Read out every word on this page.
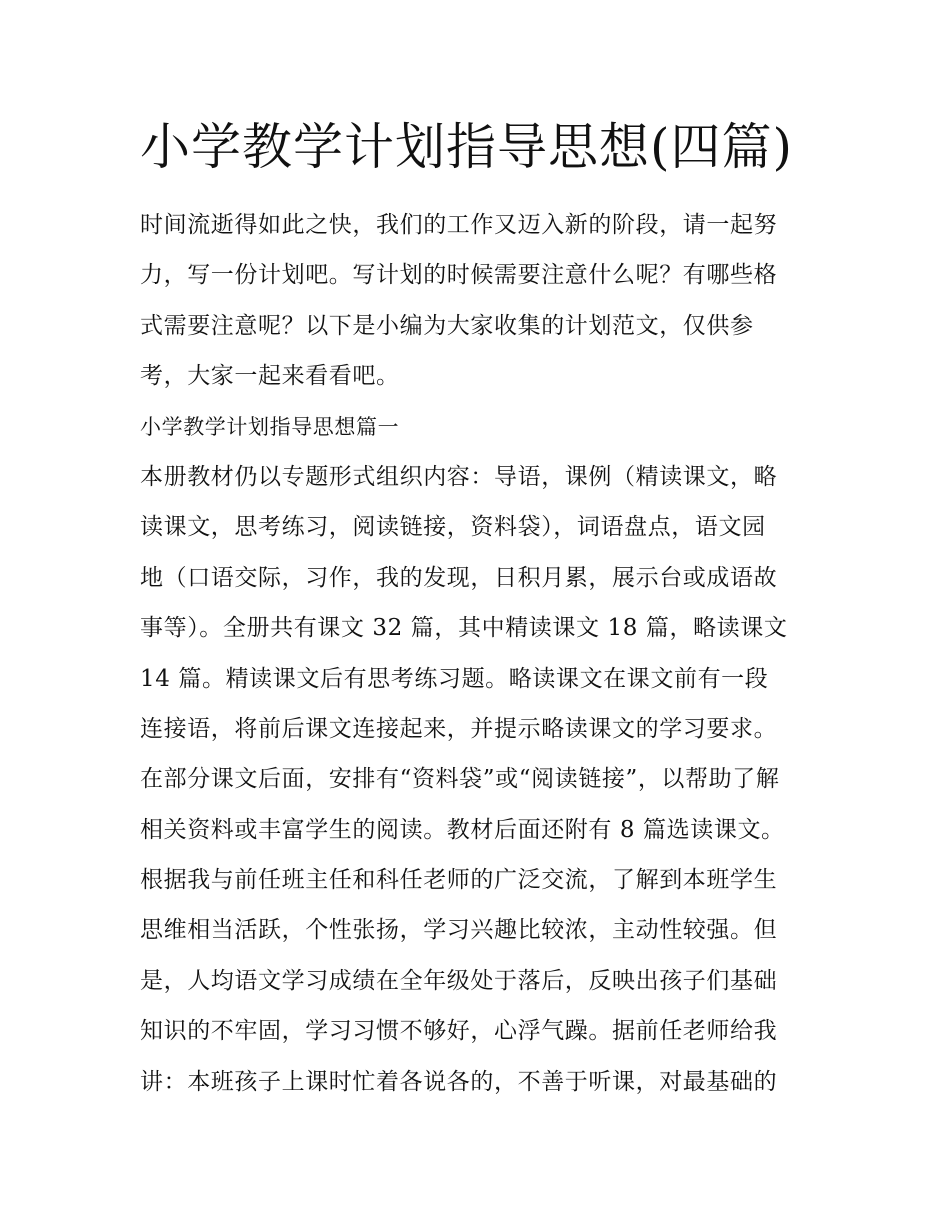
小学教学计划指导思想(四篇)
时间流逝得如此之快，我们的工作又迈入新的阶段，请一起努
力，写一份计划吧。写计划的时候需要注意什么呢？有哪些格
式需要注意呢？以下是小编为大家收集的计划范文，仅供参
考，大家一起来看看吧。
小学教学计划指导思想篇一
本册教材仍以专题形式组织内容：导语，课例（精读课文，略
读课文，思考练习，阅读链接，资料袋），词语盘点，语文园
地（口语交际，习作，我的发现，日积月累，展示台或成语故
事等）。全册共有课文 32 篇，其中精读课文 18 篇，略读课文
14 篇。精读课文后有思考练习题。略读课文在课文前有一段
连接语，将前后课文连接起来，并提示略读课文的学习要求。
在部分课文后面，安排有“资料袋”或“阅读链接”，以帮助了解
相关资料或丰富学生的阅读。教材后面还附有 8 篇选读课文。
根据我与前任班主任和科任老师的广泛交流，了解到本班学生
思维相当活跃，个性张扬，学习兴趣比较浓，主动性较强。但
是，人均语文学习成绩在全年级处于落后，反映出孩子们基础
知识的不牢固，学习习惯不够好，心浮气躁。据前任老师给我
讲：本班孩子上课时忙着各说各的，不善于听课，对最基础的
